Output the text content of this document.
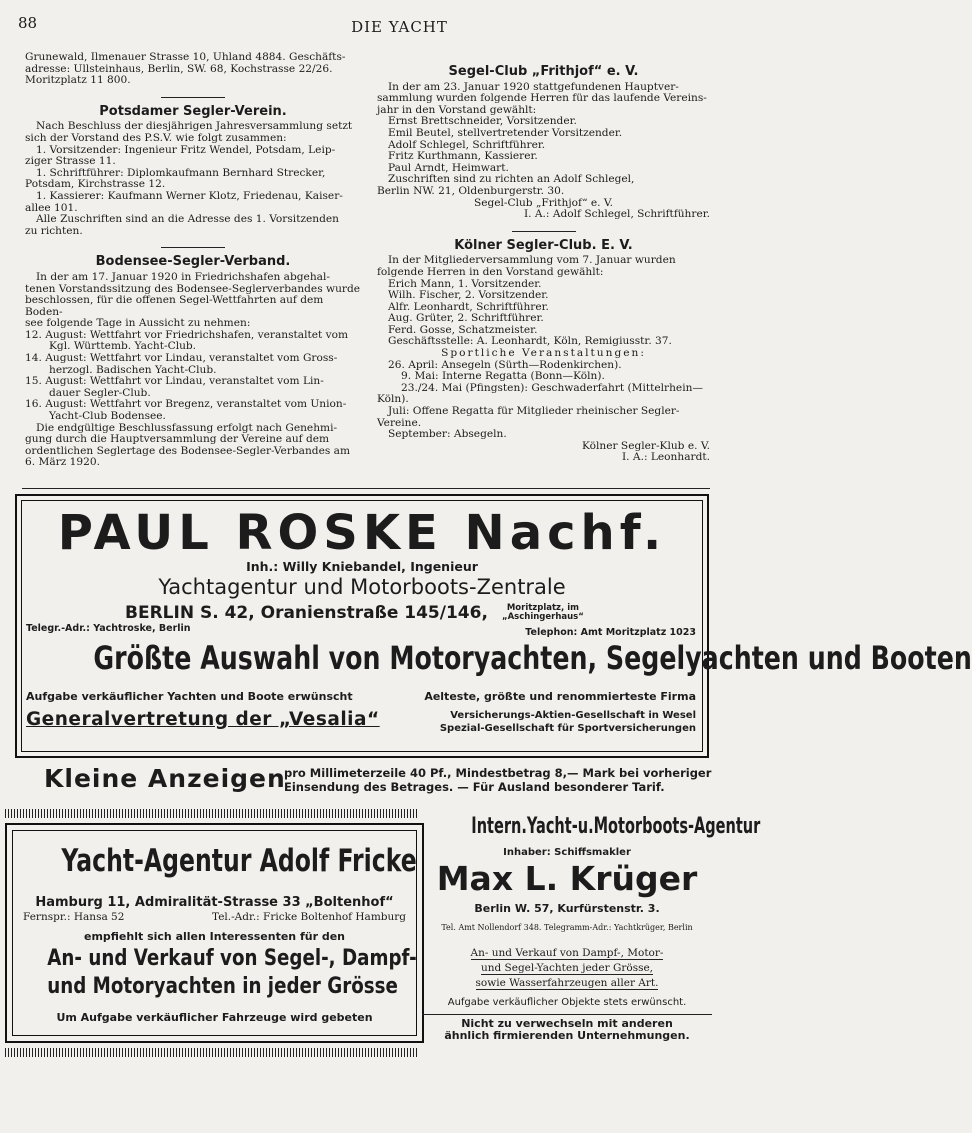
88	DIE YACHT

Grunewald, Ilmenauer Strasse 10, Uhland 4884. Geschäfts-

adresse: Ullsteinhaus, Berlin, SW. 68, Kochstrasse 22/26.

Moritzplatz 11 800.

Potsdamer Segler-Verein.

Nach Beschluss der diesjährigen Jahresversammlung setzt

sich der Vorstand des P.S.V. wie folgt zusammen:

1. Vorsitzender: Ingenieur Fritz Wendel, Potsdam, Leip-

ziger Strasse 11.

1. Schriftführer: Diplomkaufmann Bernhard Strecker,

Potsdam, Kirchstrasse 12.

1. Kassierer: Kaufmann Werner Klotz, Friedenau, Kaiser-

allee 101.

Alle Zuschriften sind an die Adresse des 1. Vorsitzenden

zu richten.

Bodensee-Segler-Verband.

In der am 17. Januar 1920 in Friedrichshafen abgehal-

tenen Vorstandssitzung des Bodensee-Seglerverbandes wurde

beschlossen, für die offenen Segel-Wettfahrten auf dem Boden-

see folgende Tage in Aussicht zu nehmen:

12. August: Wettfahrt vor Friedrichshafen, veranstaltet vom

Kgl. Württemb. Yacht-Club.

14. August: Wettfahrt vor Lindau, veranstaltet vom Gross-

herzogl. Badischen Yacht-Club.

15. August: Wettfahrt vor Lindau, veranstaltet vom Lin-

dauer Segler-Club.

16. August: Wettfahrt vor Bregenz, veranstaltet vom Union-

Yacht-Club Bodensee.

Die endgültige Beschlussfassung erfolgt nach Genehmi-

gung durch die Hauptversammlung der Vereine auf dem

ordentlichen Seglertage des Bodensee-Segler-Verbandes am

6. März 1920.

Segel-Club „Frithjof“ e. V.

In der am 23. Januar 1920 stattgefundenen Hauptver-

sammlung wurden folgende Herren für das laufende Vereins-

jahr in den Vorstand gewählt:

Ernst Brettschneider, Vorsitzender.

Emil Beutel, stellvertretender Vorsitzender.

Adolf Schlegel, Schriftführer.

Fritz Kurthmann, Kassierer.

Paul Arndt, Heimwart.

Zuschriften sind zu richten an Adolf Schlegel,

Berlin NW. 21, Oldenburgerstr. 30.

Segel-Club „Frithjof“ e. V.

I. A.: Adolf Schlegel, Schriftführer.

Kölner Segler-Club. E. V.

In der Mitgliederversammlung vom 7. Januar wurden

folgende Herren in den Vorstand gewählt:

Erich Mann, 1. Vorsitzender.

Wilh. Fischer, 2. Vorsitzender.

Alfr. Leonhardt, Schriftführer.

Aug. Grüter, 2. Schriftführer.

Ferd. Gosse, Schatzmeister.

Geschäftsstelle: A. Leonhardt, Köln, Remigiusstr. 37.

Sportliche Veranstaltungen:

26. April: Ansegeln (Sürth—Rodenkirchen).

9. Mai: Interne Regatta (Bonn—Köln).

23./24. Mai (Pfingsten): Geschwaderfahrt (Mittelrhein—

Köln).

Juli: Offene Regatta für Mitglieder rheinischer Segler-

Vereine.

September: Absegeln.

Kölner Segler-Klub e. V.

I. A.: Leonhardt.

PAUL ROSKE Nachf.
Inh.: Willy Kniebandel, Ingenieur
Yachtagentur und Motorboots-Zentrale
BERLIN S. 42, Oranienstraße 145/146,	Moritzplatz, im
„Aschingerhaus“
Telegr.-Adr.: Yachtroske, Berlin	Telephon: Amt Moritzplatz 1023
Größte Auswahl von Motoryachten, Segelyachten und Booten
Aufgabe verkäuflicher Yachten und Boote erwünscht	Aelteste, größte und renommierteste Firma
Generalvertretung der „Vesalia“	Versicherungs-Aktien-Gesellschaft in Wesel
Spezial-Gesellschaft für Sportversicherungen
Kleine Anzeigen
pro Millimeterzeile 40 Pf., Mindestbetrag 8,— Mark bei vorheriger
Einsendung des Betrages. — Für Ausland besonderer Tarif.
Yacht-Agentur Adolf Fricke
Hamburg 11, Admiralität-Strasse 33 „Boltenhof“
Fernspr.: Hansa 52	Tel.-Adr.: Fricke Boltenhof Hamburg
empfiehlt sich allen Interessenten für den
An- und Verkauf von Segel-, Dampf-
und Motoryachten in jeder Grösse
Um Aufgabe verkäuflicher Fahrzeuge wird gebeten
Intern.Yacht-u.Motorboots-Agentur
Inhaber: Schiffsmakler
Max L. Krüger
Berlin W. 57, Kurfürstenstr. 3.
Tel. Amt Nollendorf 348. Telegramm-Adr.: Yachtkrüger, Berlin
An- und Verkauf von Dampf-, Motor-
und Segel-Yachten jeder Grösse,
sowie Wasserfahrzeugen aller Art.
Aufgabe verkäuflicher Objekte stets erwünscht.
Nicht zu verwechseln mit anderen
ähnlich firmierenden Unternehmungen.
